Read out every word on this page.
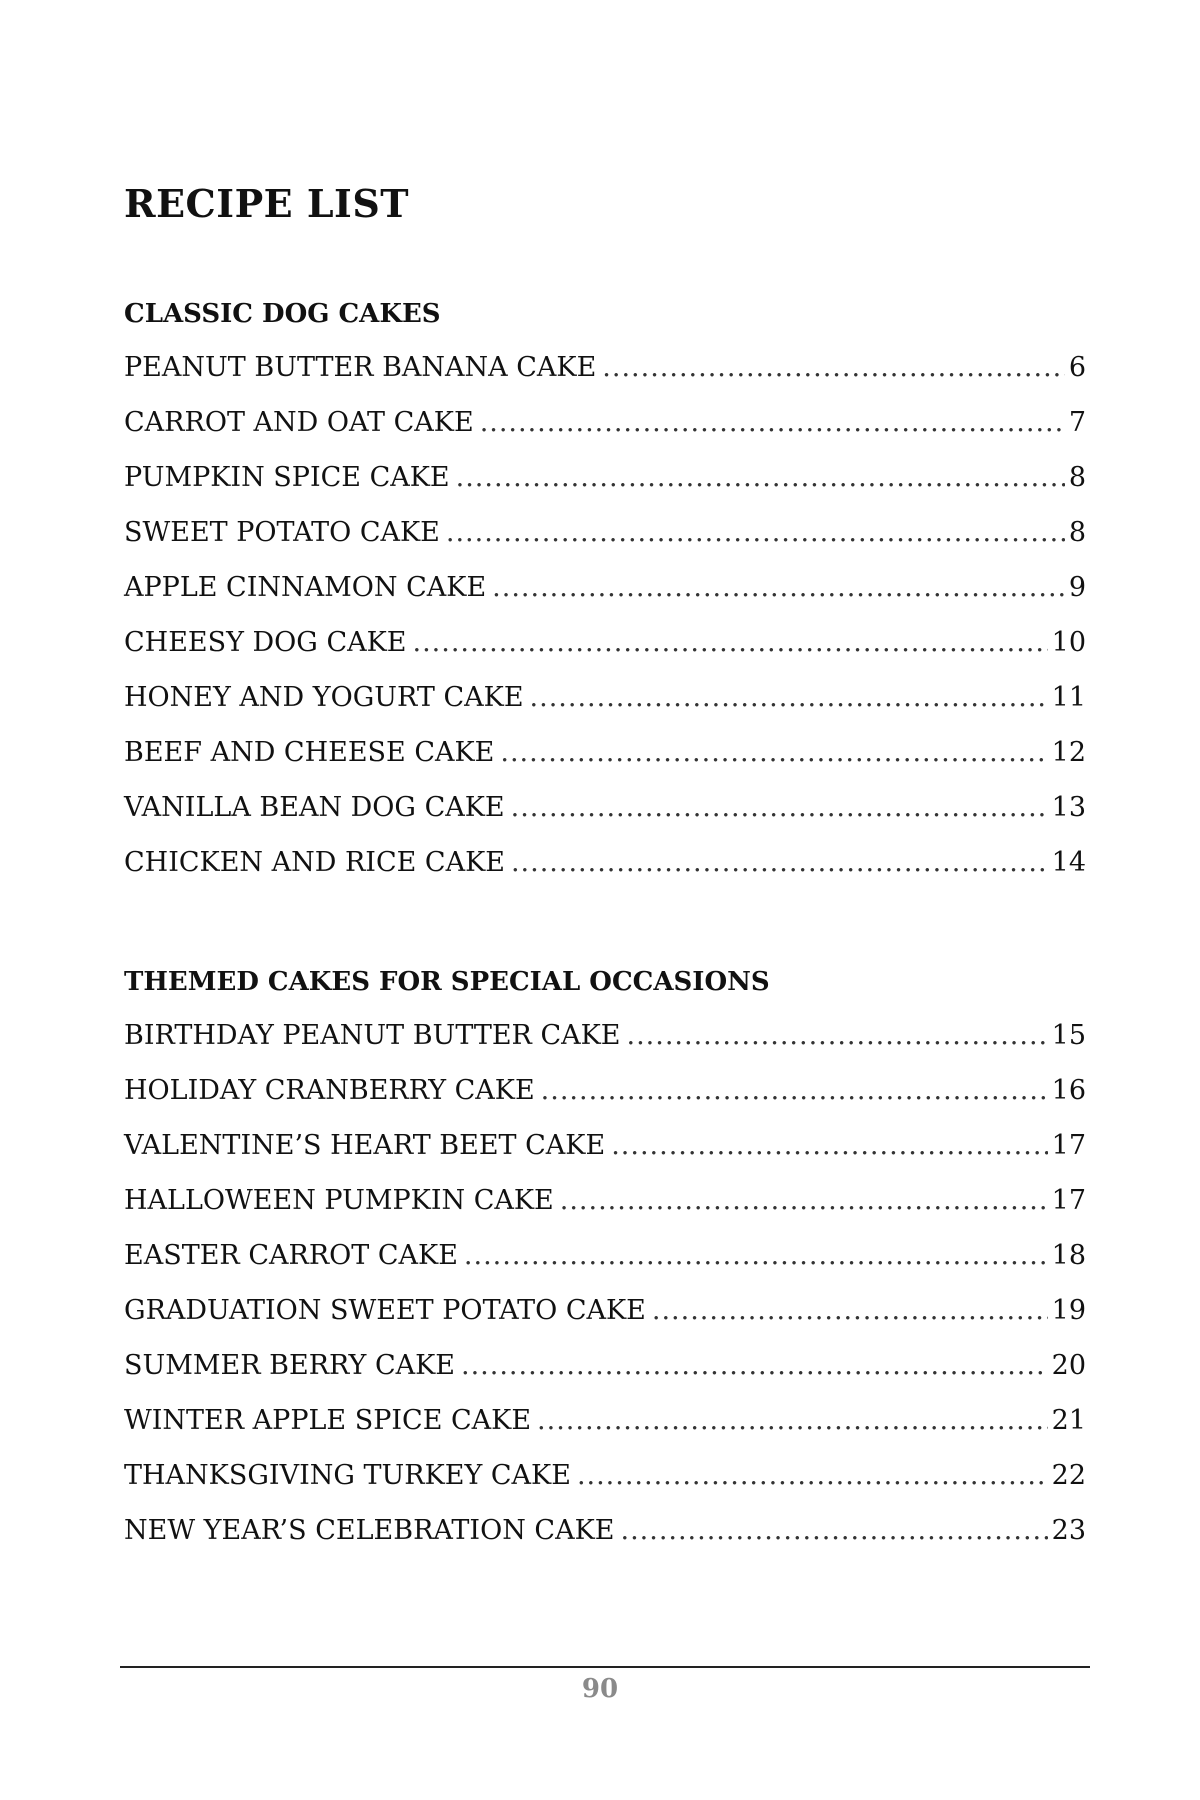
RECIPE LIST
CLASSIC DOG CAKES
PEANUT BUTTER BANANA CAKE .....	6
CARROT AND OAT CAKE .....	7
PUMPKIN SPICE CAKE .....	8
SWEET POTATO CAKE .....	8
APPLE CINNAMON CAKE .....	9
CHEESY DOG CAKE .....	10
HONEY AND YOGURT CAKE .....	11
BEEF AND CHEESE CAKE .....	12
VANILLA BEAN DOG CAKE .....	13
CHICKEN AND RICE CAKE .....	14
THEMED CAKES FOR SPECIAL OCCASIONS
BIRTHDAY PEANUT BUTTER CAKE .....	15
HOLIDAY CRANBERRY CAKE .....	16
VALENTINE’S HEART BEET CAKE .....	17
HALLOWEEN PUMPKIN CAKE .....	17
EASTER CARROT CAKE .....	18
GRADUATION SWEET POTATO CAKE .....	19
SUMMER BERRY CAKE .....	20
WINTER APPLE SPICE CAKE .....	21
THANKSGIVING TURKEY CAKE .....	22
NEW YEAR’S CELEBRATION CAKE .....	23
90
